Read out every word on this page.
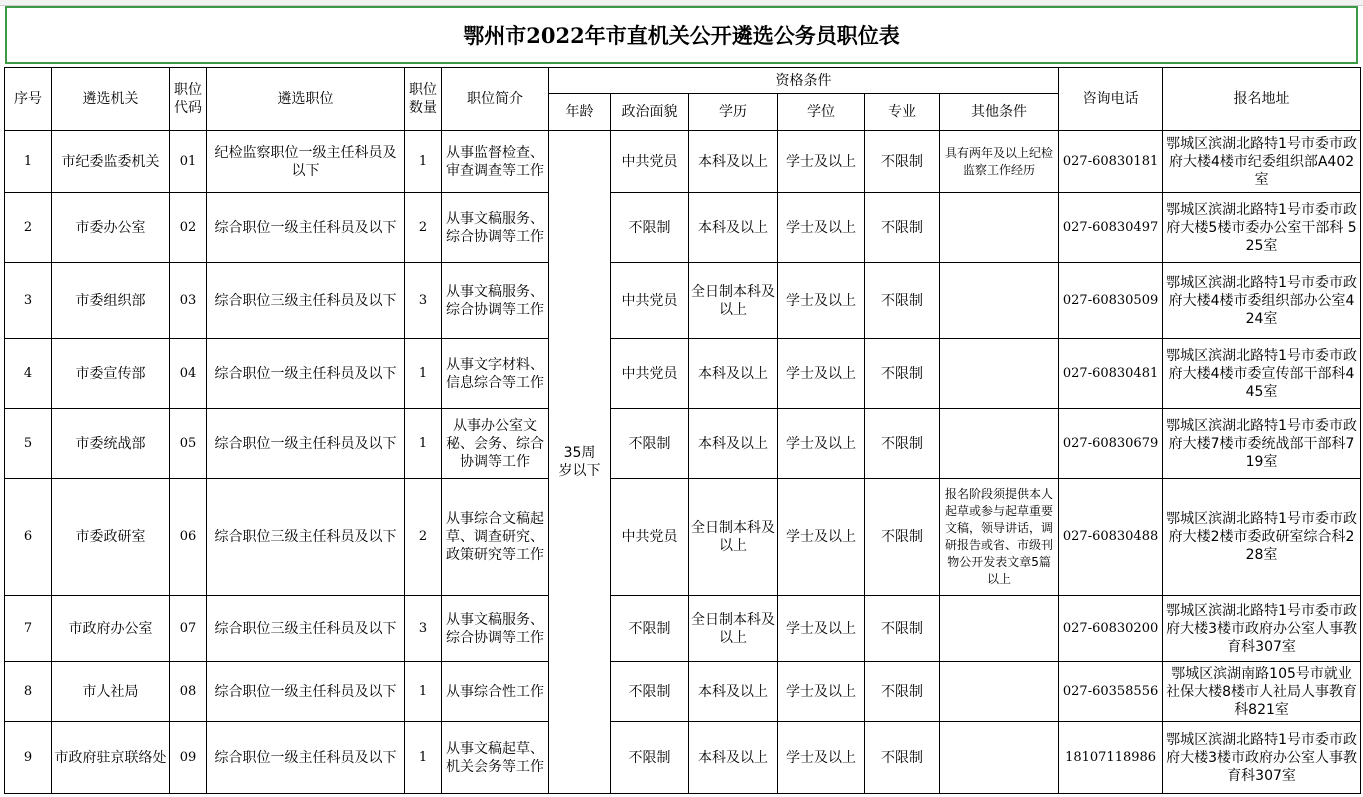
鄂州市2022年市直机关公开遴选公务员职位表
序号	遴选机关	职位代码	遴选职位	职位数量	职位简介	资格条件						咨询电话	报名地址
						年龄	政治面貌	学历	学位	专业	其他条件		
1	市纪委监委机关	01	纪检监察职位一级主任科员及以下	1	从事监督检查、审查调查等工作	35周岁以下	中共党员	本科及以上	学士及以上	不限制	具有两年及以上纪检监察工作经历	027-60830181	鄂城区滨湖北路特1号市委市政府大楼4楼市纪委组织部A402室
2	市委办公室	02	综合职位一级主任科员及以下	2	从事文稿服务、综合协调等工作		不限制	本科及以上	学士及以上	不限制		027-60830497	鄂城区滨湖北路特1号市委市政府大楼5楼市委办公室干部科 525室
3	市委组织部	03	综合职位三级主任科员及以下	3	从事文稿服务、综合协调等工作		中共党员	全日制本科及以上	学士及以上	不限制		027-60830509	鄂城区滨湖北路特1号市委市政府大楼4楼市委组织部办公室424室
4	市委宣传部	04	综合职位一级主任科员及以下	1	从事文字材料、信息综合等工作		中共党员	本科及以上	学士及以上	不限制		027-60830481	鄂城区滨湖北路特1号市委市政府大楼4楼市委宣传部干部科445室
5	市委统战部	05	综合职位一级主任科员及以下	1	从事办公室文秘、会务、综合协调等工作		不限制	本科及以上	学士及以上	不限制		027-60830679	鄂城区滨湖北路特1号市委市政府大楼7楼市委统战部干部科719室
6	市委政研室	06	综合职位三级主任科员及以下	2	从事综合文稿起草、调查研究、政策研究等工作		中共党员	全日制本科及以上	学士及以上	不限制	报名阶段须提供本人起草或参与起草重要文稿，领导讲话，调研报告或省、市级刊物公开发表文章5篇以上	027-60830488	鄂城区滨湖北路特1号市委市政府大楼2楼市委政研室综合科228室
7	市政府办公室	07	综合职位三级主任科员及以下	3	从事文稿服务、综合协调等工作		不限制	全日制本科及以上	学士及以上	不限制		027-60830200	鄂城区滨湖北路特1号市委市政府大楼3楼市政府办公室人事教育科307室
8	市人社局	08	综合职位一级主任科员及以下	1	从事综合性工作		不限制	本科及以上	学士及以上	不限制		027-60358556	鄂城区滨湖南路105号市就业社保大楼8楼市人社局人事教育科821室
9	市政府驻京联络处	09	综合职位一级主任科员及以下	1	从事文稿起草、机关会务等工作		不限制	本科及以上	学士及以上	不限制		18107118986	鄂城区滨湖北路特1号市委市政府大楼3楼市政府办公室人事教育科307室
